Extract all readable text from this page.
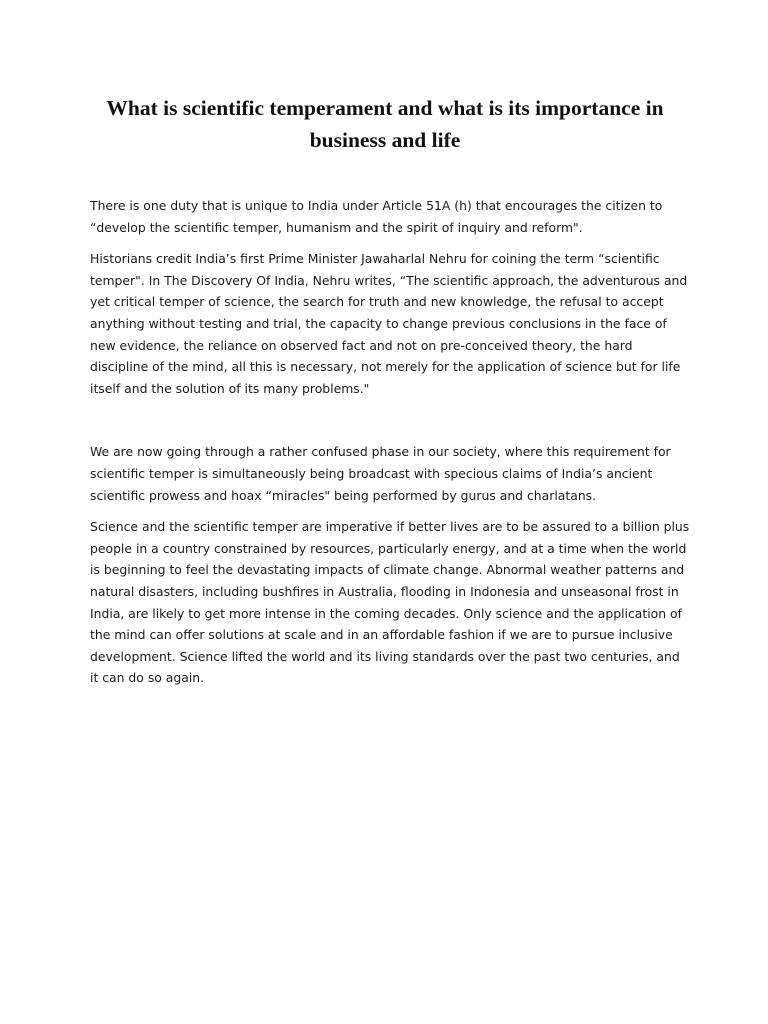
What is scientific temperament and what is its importance in business and life

There is one duty that is unique to India under Article 51A (h) that encourages the citizen to “develop the scientific temper, humanism and the spirit of inquiry and reform".

Historians credit India’s first Prime Minister Jawaharlal Nehru for coining the term “scientific temper". In The Discovery Of India, Nehru writes, “The scientific approach, the adventurous and yet critical temper of science, the search for truth and new knowledge, the refusal to accept anything without testing and trial, the capacity to change previous conclusions in the face of new evidence, the reliance on observed fact and not on pre-conceived theory, the hard discipline of the mind, all this is necessary, not merely for the application of science but for life itself and the solution of its many problems."

We are now going through a rather confused phase in our society, where this requirement for scientific temper is simultaneously being broadcast with specious claims of India’s ancient scientific prowess and hoax “miracles" being performed by gurus and charlatans.

Science and the scientific temper are imperative if better lives are to be assured to a billion plus people in a country constrained by resources, particularly energy, and at a time when the world is beginning to feel the devastating impacts of climate change. Abnormal weather patterns and natural disasters, including bushfires in Australia, flooding in Indonesia and unseasonal frost in India, are likely to get more intense in the coming decades. Only science and the application of the mind can offer solutions at scale and in an affordable fashion if we are to pursue inclusive development. Science lifted the world and its living standards over the past two centuries, and it can do so again.
